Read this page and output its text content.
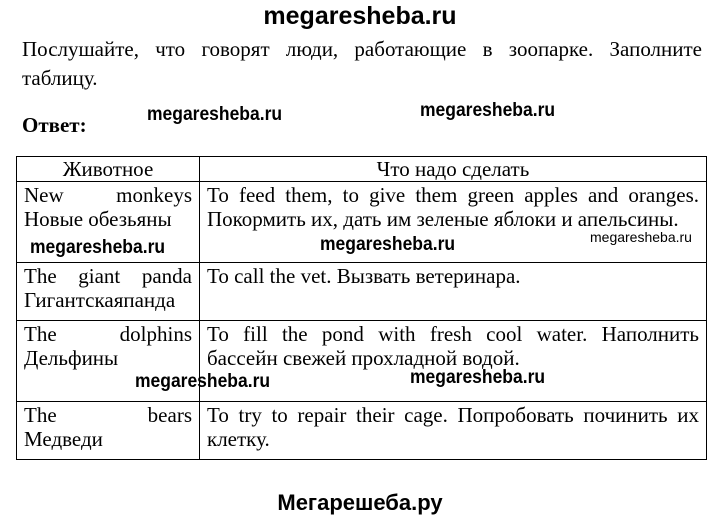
megaresheba.ru
Послушайте, что говорят люди, работающие в зоопарке. Заполните таблицу.
Ответ:
Животное	Что надо сделать

New monkeys
Новые обезьяны	To feed them, to give them green apples and oranges. Покормить их, дать им зеленые яблоки и апельсины.

The giant panda
Гигантскаяпанда	To call the vet. Вызвать ветеринара.

The dolphins
Дельфины	To fill the pond with fresh cool water. Наполнить бассейн свежей прохладной водой.

The bears
Медведи	To try to repair their cage. Попробовать починить их клетку.
megaresheba.ru	megaresheba.ru
megaresheba.ru	megaresheba.ru	megaresheba.ru
megaresheba.ru	megaresheba.ru
Мегарешеба.ру
